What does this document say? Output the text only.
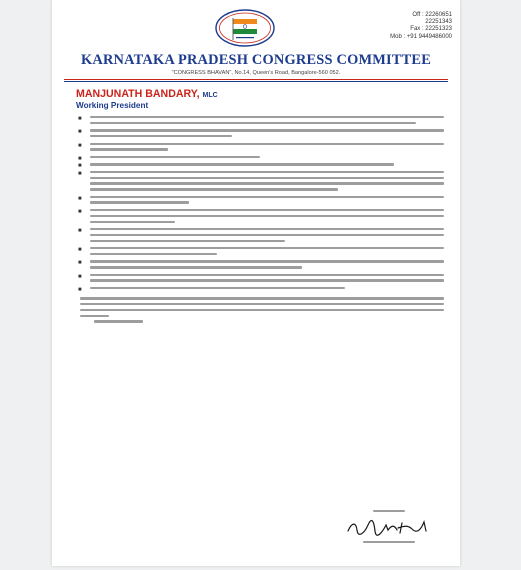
Off : 22260651
22251343
Fax : 22251323
Mob : +91 9449486000
KARNATAKA PRADESH CONGRESS COMMITTEE
"CONGRESS BHAVAN", No.14, Queen's Road, Bangalore-560 052.
MANJUNATH BANDARY, MLC
Working President
■
■
■
■
■
■
■
■
■
■
■
■
■
